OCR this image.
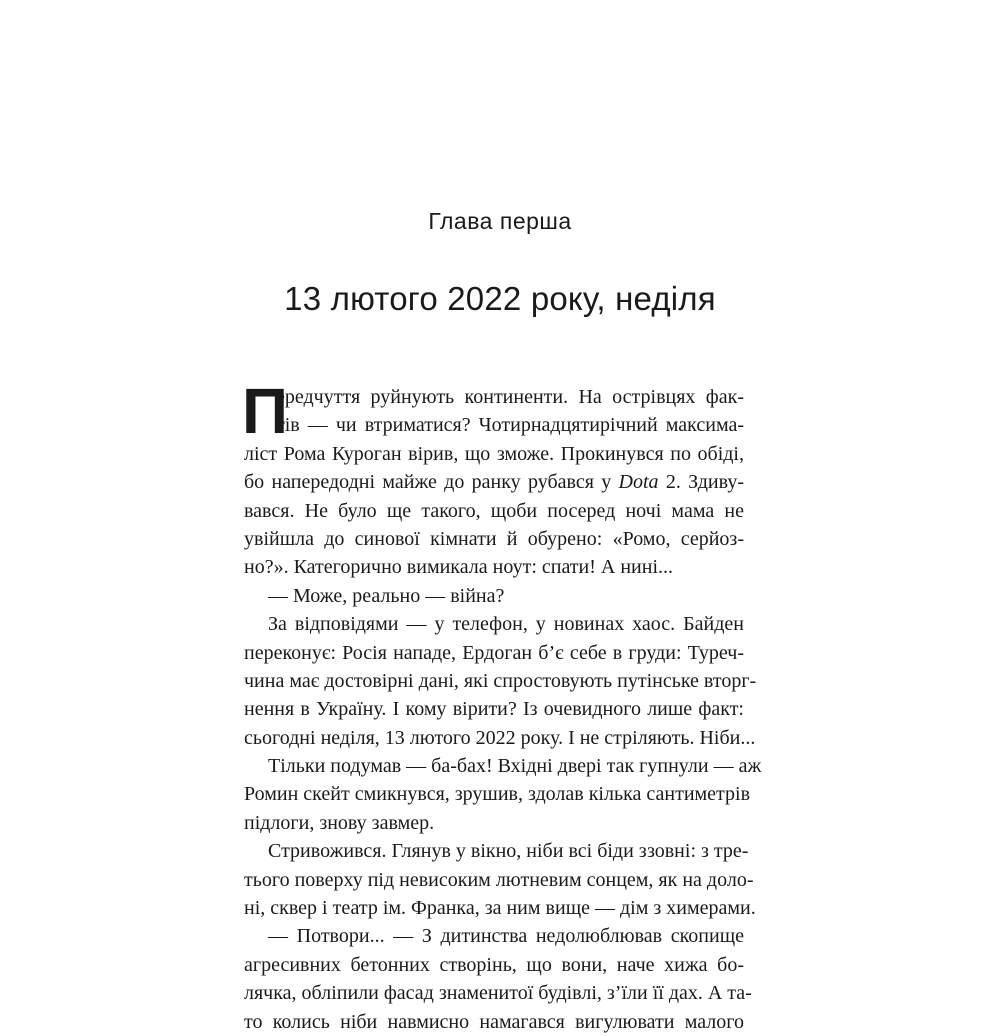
Глава перша
13 лютого 2022 року, неділя
П
ередчуття руйнують континенти. На острівцях фак-
тів — чи втриматися? Чотирнадцятирічний максима-
ліст Рома Куроган вірив, що зможе. Прокинувся по обіді,
бо напередодні майже до ранку рубався у Dota 2. Здиву-
вався. Не було ще такого, щоби посеред ночі мама не
увійшла до синової кімнати й обурено: «Ромо, серйоз-
но?». Категорично вимикала ноут: спати! А нині...
— Може, реально — війна?
За відповідями — у телефон, у новинах хаос. Байден
переконує: Росія нападе, Ердоган б’є себе в груди: Туреч-
чина має достовірні дані, які спростовують путінське вторг-
нення в Україну. І кому вірити? Із очевидного лише факт:
сьогодні неділя, 13 лютого 2022 року. І не стріляють. Ніби...
Тільки подумав — ба-бах! Вхідні двері так гупнули — аж
Ромин скейт смикнувся, зрушив, здолав кілька сантиметрів
підлоги, знову завмер.
Стривожився. Глянув у вікно, ніби всі біди ззовні: з тре-
тього поверху під невисоким лютневим сонцем, як на доло-
ні, сквер і театр ім. Франка, за ним вище — дім з химерами.
— Потвори... — З дитинства недолюблював скопище
агресивних бетонних створінь, що вони, наче хижа бо-
лячка, обліпили фасад знаменитої будівлі, з’їли її дах. А та-
то колись ніби навмисно намагався вигулювати малого
